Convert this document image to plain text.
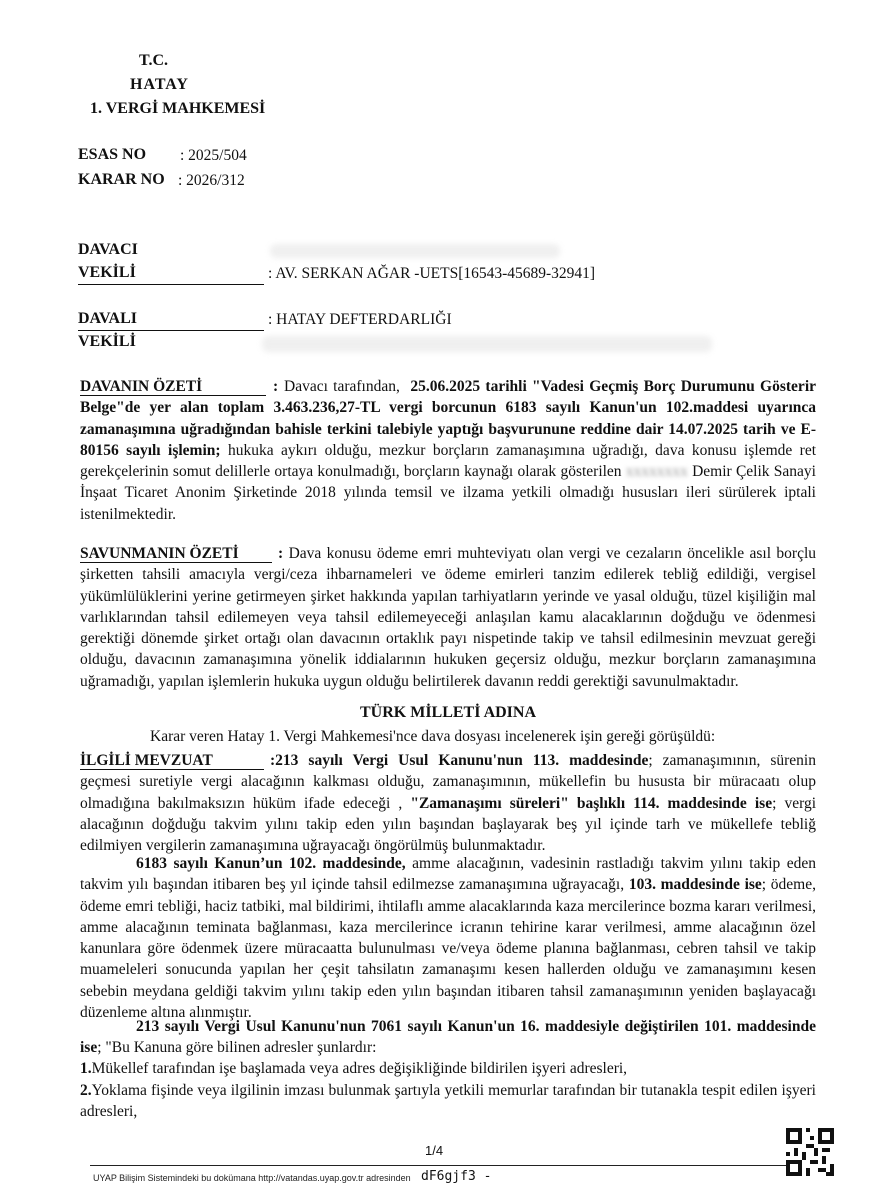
T.C.
HATAY
1. VERGİ MAHKEMESİ
ESAS NO : 2025/504
KARAR NO : 2026/312
DAVACI
VEKİLİ	: AV. SERKAN AĞAR -UETS[16543-45689-32941]
DAVALI	: HATAY DEFTERDARLIĞI
VEKİLİ
DAVANIN ÖZETİ	: Davacı tarafından, 25.06.2025 tarihli "Vadesi Geçmiş Borç Durumunu Gösterir Belge"de yer alan toplam 3.463.236,27-TL vergi borcunun 6183 sayılı Kanun'un 102.maddesi uyarınca zamanaşımına uğradığından bahisle terkini talebiyle yaptığı başvurunune reddine dair 14.07.2025 tarih ve E-80156 sayılı işlemin; hukuka aykırı olduğu, mezkur borçların zamanaşımına uğradığı, dava konusu işlemde ret gerekçelerinin somut delillerle ortaya konulmadığı, borçların kaynağı olarak gösterilen xxxxxxxx Demir Çelik Sanayi İnşaat Ticaret Anonim Şirketinde 2018 yılında temsil ve ilzama yetkili olmadığı hususları ileri sürülerek iptali istenilmektedir.
SAVUNMANIN ÖZETİ	: Dava konusu ödeme emri muhteviyatı olan vergi ve cezaların öncelikle asıl borçlu şirketten tahsili amacıyla vergi/ceza ihbarnameleri ve ödeme emirleri tanzim edilerek tebliğ edildiği, vergisel yükümlülüklerini yerine getirmeyen şirket hakkında yapılan tarhiyatların yerinde ve yasal olduğu, tüzel kişiliğin mal varlıklarından tahsil edilemeyen veya tahsil edilemeyeceği anlaşılan kamu alacaklarının doğduğu ve ödenmesi gerektiği dönemde şirket ortağı olan davacının ortaklık payı nispetinde takip ve tahsil edilmesinin mevzuat gereği olduğu, davacının zamanaşımına yönelik iddialarının hukuken geçersiz olduğu, mezkur borçların zamanaşımına uğramadığı, yapılan işlemlerin hukuka uygun olduğu belirtilerek davanın reddi gerektiği savunulmaktadır.
TÜRK MİLLETİ ADINA
Karar veren Hatay 1. Vergi Mahkemesi'nce dava dosyası incelenerek işin gereği görüşüldü:
İLGİLİ MEVZUAT	:213 sayılı Vergi Usul Kanunu'nun 113. maddesinde; zamanaşımının, sürenin geçmesi suretiyle vergi alacağının kalkması olduğu, zamanaşımının, mükellefin bu hususta bir müracaatı olup olmadığına bakılmaksızın hüküm ifade edeceği , "Zamanaşımı süreleri" başlıklı 114. maddesinde ise; vergi alacağının doğduğu takvim yılını takip eden yılın başından başlayarak beş yıl içinde tarh ve mükellefe tebliğ edilmiyen vergilerin zamanaşımına uğrayacağı öngörülmüş bulunmaktadır.
6183 sayılı Kanun’un 102. maddesinde, amme alacağının, vadesinin rastladığı takvim yılını takip eden takvim yılı başından itibaren beş yıl içinde tahsil edilmezse zamanaşımına uğrayacağı, 103. maddesinde ise; ödeme, ödeme emri tebliği, haciz tatbiki, mal bildirimi, ihtilaflı amme alacaklarında kaza mercilerince bozma kararı verilmesi, amme alacağının teminata bağlanması, kaza mercilerince icranın tehirine karar verilmesi, amme alacağının özel kanunlara göre ödenmek üzere müracaatta bulunulması ve/veya ödeme planına bağlanması, cebren tahsil ve takip muameleleri sonucunda yapılan her çeşit tahsilatın zamanaşımı kesen hallerden olduğu ve zamanaşımını kesen sebebin meydana geldiği takvim yılını takip eden yılın başından itibaren tahsil zamanaşımının yeniden başlayacağı düzenleme altına alınmıştır.
213 sayılı Vergi Usul Kanunu'nun 7061 sayılı Kanun'un 16. maddesiyle değiştirilen 101. maddesinde ise; "Bu Kanuna göre bilinen adresler şunlardır:
1.Mükellef tarafından işe başlamada veya adres değişikliğinde bildirilen işyeri adresleri,
2.Yoklama fişinde veya ilgilinin imzası bulunmak şartıyla yetkili memurlar tarafından bir tutanakla tespit edilen işyeri adresleri,
1/4
UYAP Bilişim Sistemindeki bu dokümana http://vatandas.uyap.gov.tr adresinden dF6gjf3 -
